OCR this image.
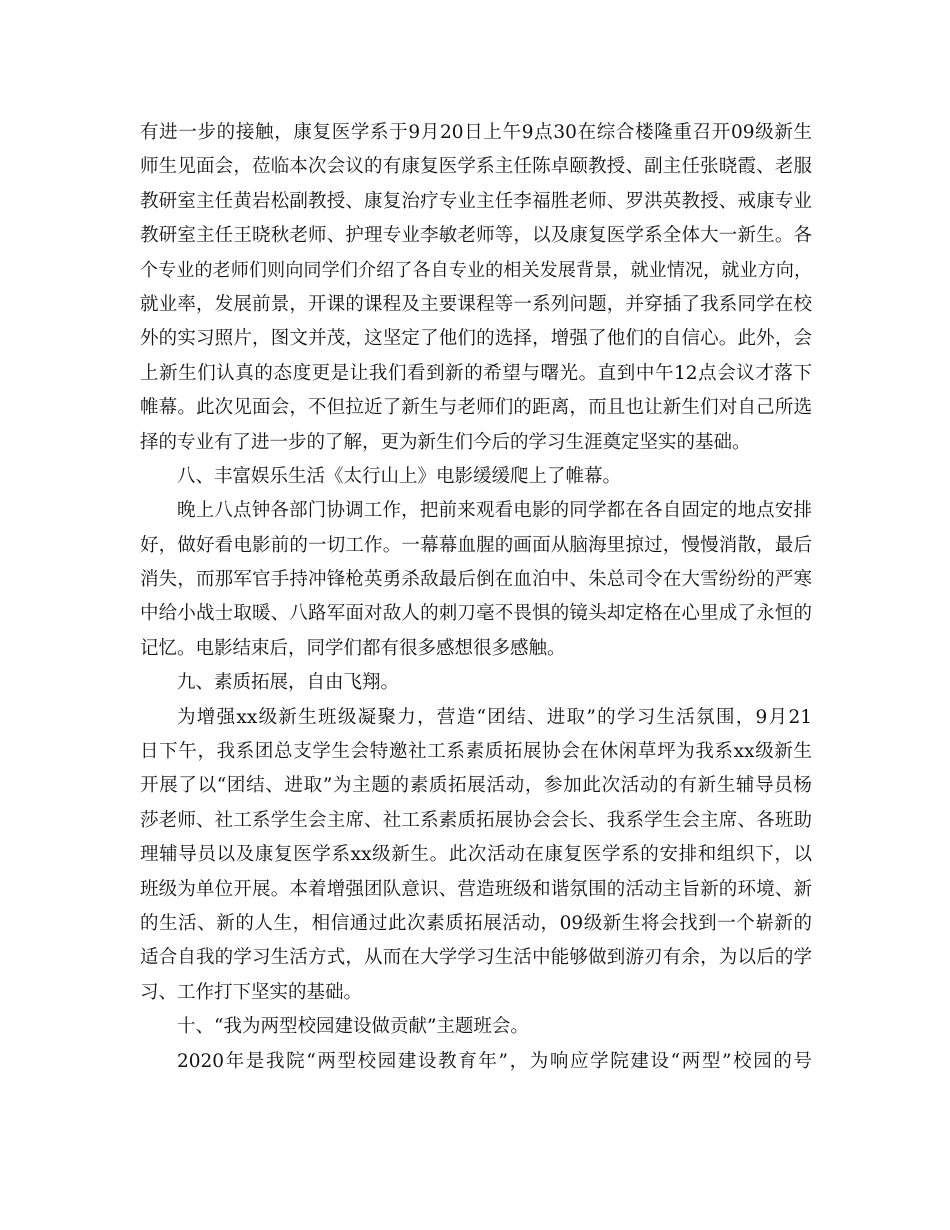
有进一步的接触，康复医学系于9月20日上午9点30在综合楼隆重召开09级新生
师生见面会，莅临本次会议的有康复医学系主任陈卓颐教授、副主任张晓霞、老服
教研室主任黄岩松副教授、康复治疗专业主任李福胜老师、罗洪英教授、戒康专业
教研室主任王晓秋老师、护理专业李敏老师等，以及康复医学系全体大一新生。各
个专业的老师们则向同学们介绍了各自专业的相关发展背景，就业情况，就业方向，
就业率，发展前景，开课的课程及主要课程等一系列问题，并穿插了我系同学在校
外的实习照片，图文并茂，这坚定了他们的选择，增强了他们的自信心。此外，会
上新生们认真的态度更是让我们看到新的希望与曙光。直到中午12点会议才落下
帷幕。此次见面会，不但拉近了新生与老师们的距离，而且也让新生们对自己所选
择的专业有了进一步的了解，更为新生们今后的学习生涯奠定坚实的基础。
八、丰富娱乐生活《太行山上》电影缓缓爬上了帷幕。
晚上八点钟各部门协调工作，把前来观看电影的同学都在各自固定的地点安排
好，做好看电影前的一切工作。一幕幕血腥的画面从脑海里掠过，慢慢消散，最后
消失，而那军官手持冲锋枪英勇杀敌最后倒在血泊中、朱总司令在大雪纷纷的严寒
中给小战士取暖、八路军面对敌人的刺刀毫不畏惧的镜头却定格在心里成了永恒的
记忆。电影结束后，同学们都有很多感想很多感触。
九、素质拓展，自由飞翔。
为增强xx级新生班级凝聚力，营造“团结、进取”的学习生活氛围，9月21
日下午，我系团总支学生会特邀社工系素质拓展协会在休闲草坪为我系xx级新生
开展了以“团结、进取”为主题的素质拓展活动，参加此次活动的有新生辅导员杨
莎老师、社工系学生会主席、社工系素质拓展协会会长、我系学生会主席、各班助
理辅导员以及康复医学系xx级新生。此次活动在康复医学系的安排和组织下，以
班级为单位开展。本着增强团队意识、营造班级和谐氛围的活动主旨新的环境、新
的生活、新的人生，相信通过此次素质拓展活动，09级新生将会找到一个崭新的
适合自我的学习生活方式，从而在大学学习生活中能够做到游刃有余，为以后的学
习、工作打下坚实的基础。
十、“我为两型校园建设做贡献”主题班会。
2020年是我院“两型校园建设教育年”，为响应学院建设“两型”校园的号
